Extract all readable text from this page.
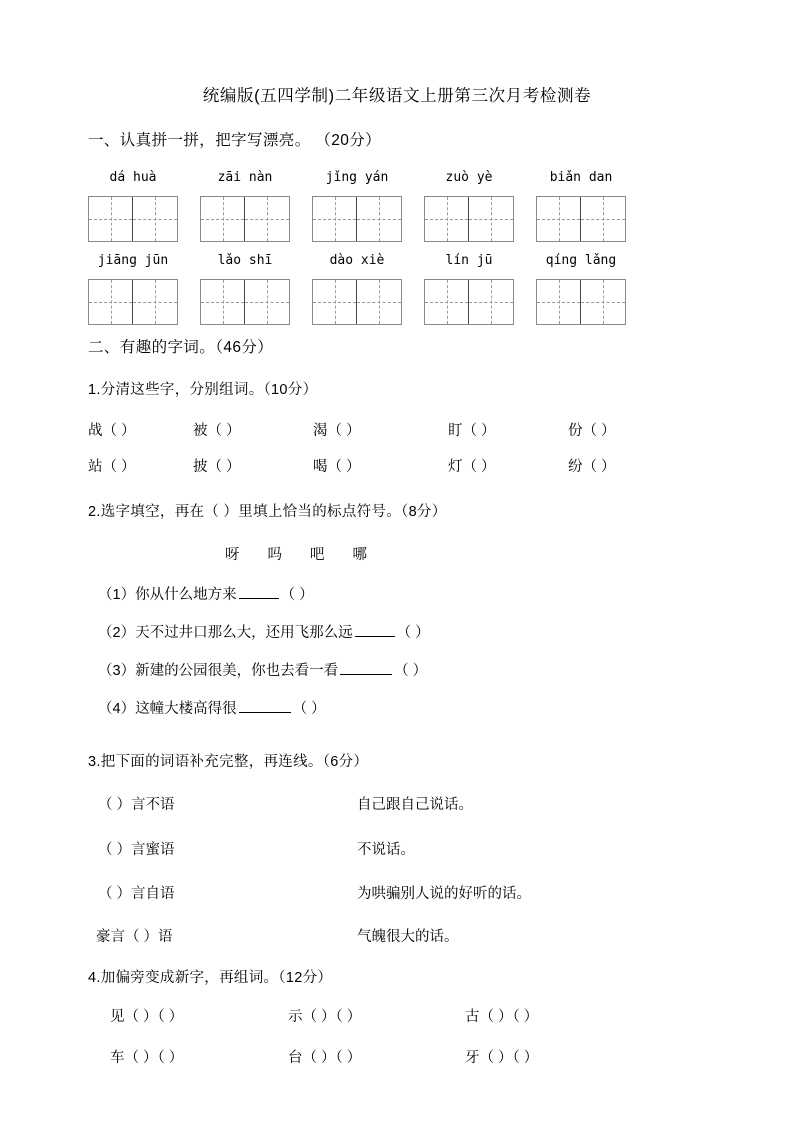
统编版(五四学制)二年级语文上册第三次月考检测卷
一、认真拼一拼，把字写漂亮。 （20分）
dá huà	zāi nàn	jǐng yán	zuò yè	biǎn dan
jiāng jūn	lǎo shī	dào xiè	lín jū	qíng lǎng
二、有趣的字词。（46分）
1.分清这些字，分别组词。（10分）
战（ ）	被（ ）	渴（ ）	盯（ ）	份（ ）
站（ ）	披（ ）	喝（ ）	灯（ ）	纷（ ）
2.选字填空，再在（ ）里填上恰当的标点符号。（8分）
呀 吗 吧 哪
（1）你从什么地方来	（ ）
（2）天不过井口那么大，还用飞那么远	（ ）
（3）新建的公园很美，你也去看一看	（ ）
（4）这幢大楼高得很	（ ）
3.把下面的词语补充完整，再连线。（6分）
（ ）言不语	自己跟自己说话。
（ ）言蜜语	不说话。
（ ）言自语	为哄骗别人说的好听的话。
豪言（ ）语	气魄很大的话。
4.加偏旁变成新字，再组词。（12分）
见（ ）（ ）	示（ ）（ ）	古（ ）（ ）
车（ ）（ ）	台（ ）（ ）	牙（ ）（ ）
